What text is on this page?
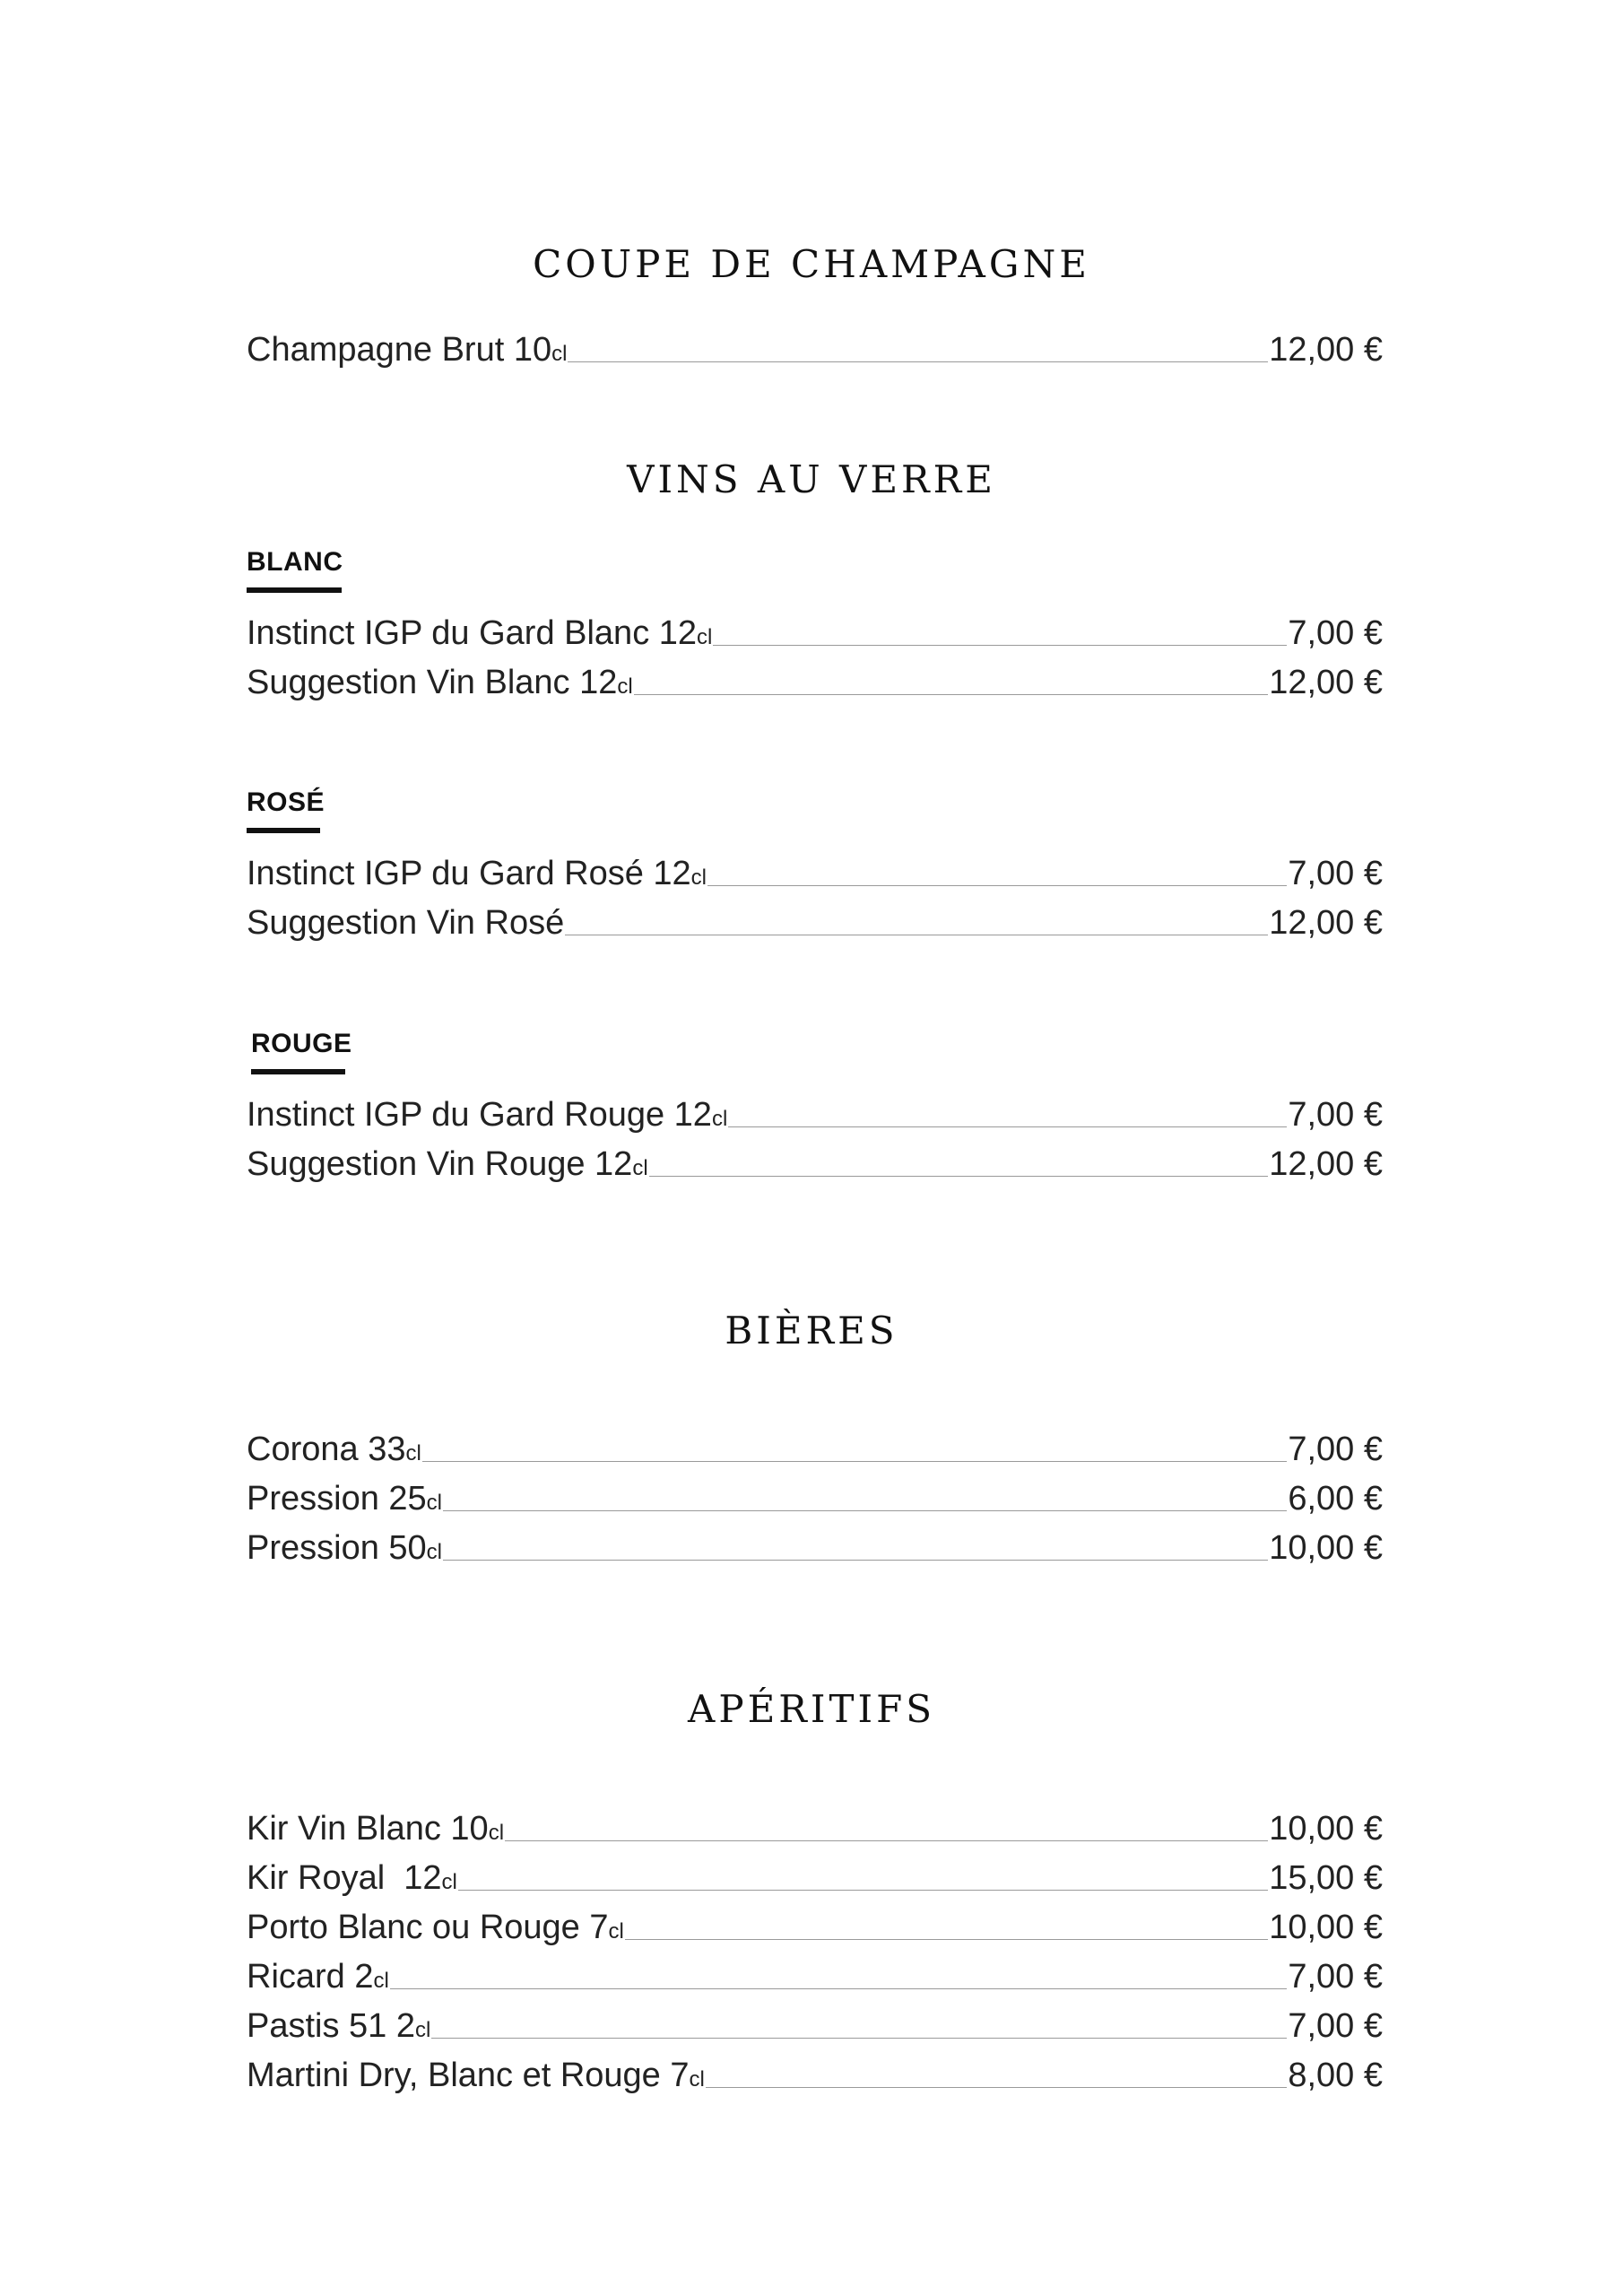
COUPE DE CHAMPAGNE
Champagne Brut 10 cl	12,00 €
VINS AU VERRE
BLANC
Instinct IGP du Gard Blanc 12 cl	7,00 €
Suggestion Vin Blanc 12 cl	12,00 €
ROSÉ
Instinct IGP du Gard Rosé 12 cl	7,00 €
Suggestion Vin Rosé	12,00 €
ROUGE
Instinct IGP du Gard Rouge 12 cl	7,00 €
Suggestion Vin Rouge 12 cl	12,00 €
BIÈRES
Corona 33 cl	7,00 €
Pression 25 cl	6,00 €
Pression 50 cl	10,00 €
APÉRITIFS
Kir Vin Blanc 10 cl	10,00 €
Kir Royal  12 cl	15,00 €
Porto Blanc ou Rouge 7 cl	10,00 €
Ricard 2 cl	7,00 €
Pastis 51 2 cl	7,00 €
Martini Dry, Blanc et Rouge 7 cl	8,00 €
